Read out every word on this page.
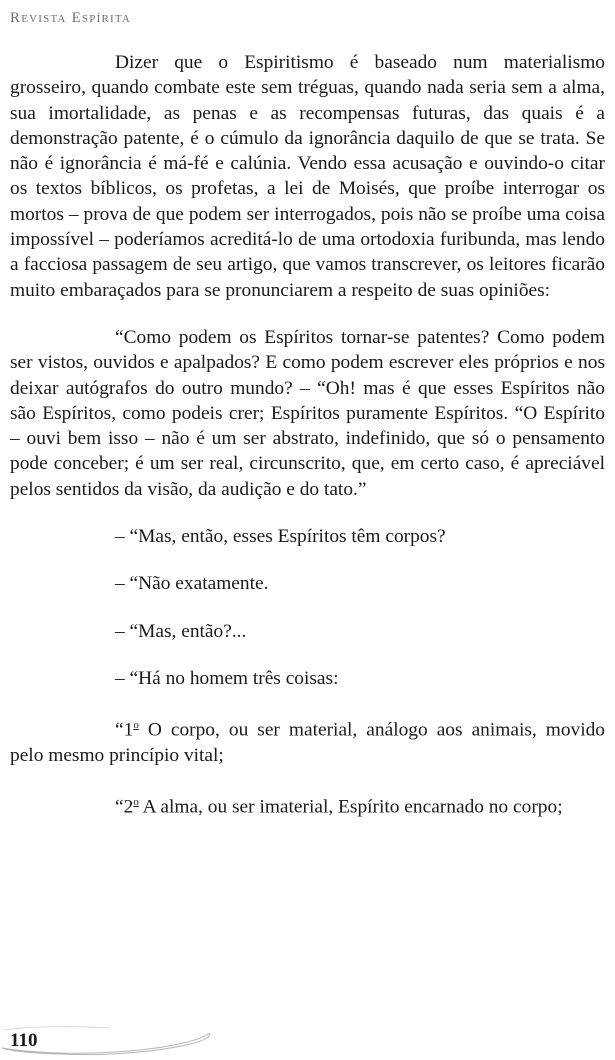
Revista Espírita

Dizer que o Espiritismo é baseado num materialismo grosseiro, quando combate este sem tréguas, quando nada seria sem a alma, sua imortalidade, as penas e as recompensas futuras, das quais é a demonstração patente, é o cúmulo da ignorância daquilo de que se trata. Se não é ignorância é má-fé e calúnia. Vendo essa acusação e ouvindo-o citar os textos bíblicos, os profetas, a lei de Moisés, que proíbe interrogar os mortos – prova de que podem ser interrogados, pois não se proíbe uma coisa impossível – poderíamos acreditá-lo de uma ortodoxia furibunda, mas lendo a facciosa passagem de seu artigo, que vamos transcrever, os leitores ficarão muito embaraçados para se pronunciarem a respeito de suas opiniões:

“Como podem os Espíritos tornar-se patentes? Como podem ser vistos, ouvidos e apalpados? E como podem escrever eles próprios e nos deixar autógrafos do outro mundo? – “Oh! mas é que esses Espíritos não são Espíritos, como podeis crer; Espíritos puramente Espíritos. “O Espírito – ouvi bem isso – não é um ser abstrato, indefinido, que só o pensamento pode conceber; é um ser real, circunscrito, que, em certo caso, é apreciável pelos sentidos da visão, da audição e do tato.”

– “Mas, então, esses Espíritos têm corpos?

– “Não exatamente.

– “Mas, então?...

– “Há no homem três coisas:

“1$^o$ O corpo, ou ser material, análogo aos animais, movido pelo mesmo princípio vital;

“2$^o$ A alma, ou ser imaterial, Espírito encarnado no corpo;

110
